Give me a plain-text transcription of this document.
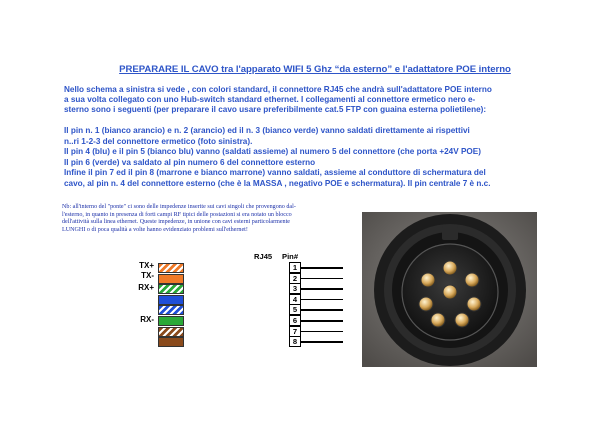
PREPARARE IL CAVO tra l'apparato WIFI 5 Ghz “da esterno” e l'adattatore POE interno
Nello schema a sinistra si vede , con colori standard, il connettore RJ45 che andrà sull'adattatore POE interno
a sua volta collegato con uno Hub-switch standard ethernet. I collegamenti al connettore ermetico nero e-
sterno sono i seguenti (per preparare il cavo usare preferibilmente cat.5 FTP con guaina esterna polietilene):
Il pin n. 1 (bianco arancio) e n. 2 (arancio) ed il n. 3 (bianco verde) vanno saldati direttamente ai rispettivi
n..ri 1-2-3 del connettore ermetico (foto sinistra).
Il pin 4 (blu) e il pin 5 (bianco blu) vanno (saldati assieme) al numero 5 del connettore (che porta +24V POE)
Il pin 6 (verde) va saldato al pin numero 6 del connettore esterno
Infine il pin 7 ed il pin 8 (marrone e bianco marrone) vanno saldati, assieme al conduttore di schermatura del
cavo, al pin n. 4 del connettore esterno (che è la MASSA , negativo POE e schermatura). Il pin centrale 7 è n.c.
Nb: all'interno del "ponte" ci sono delle impedenze inserite sui cavi singoli che provengono dal-
l'esterno, in quanto in presenza di forti campi RF tipici delle postazioni si era notato un blocco
dell'attività sulla linea ethernet. Queste impedenze, in unione con cavi esterni particolarmente
LUNGHI o di poca qualità a volte hanno evidenziato problemi sull'ethernet!
RJ45 Pin#
TX+
TX-
RX+
RX-
1
2
3
4
5
6
7
8
